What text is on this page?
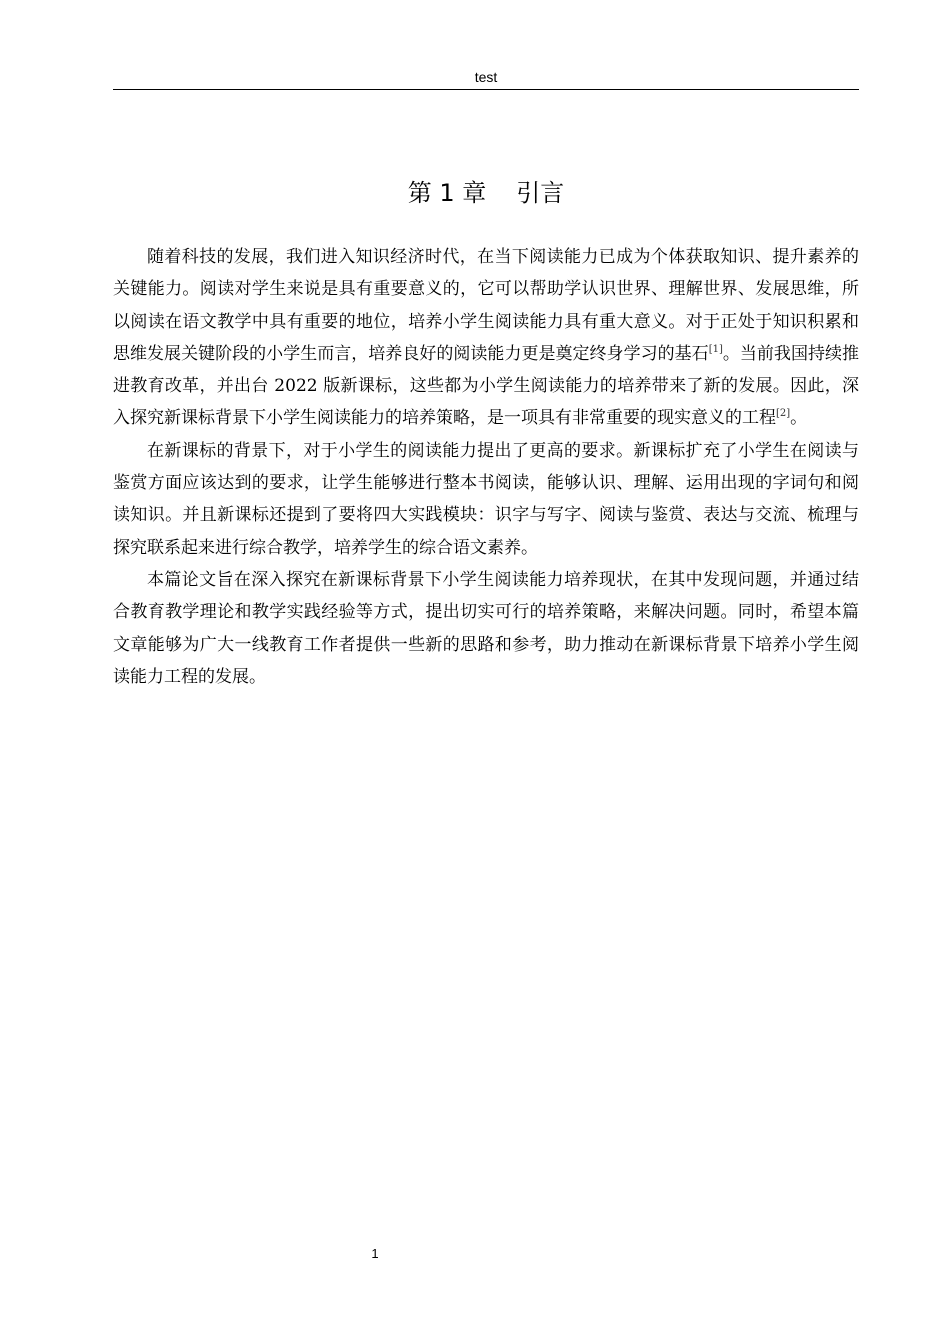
test
第 1 章 引言

随着科技的发展，我们进入知识经济时代，在当下阅读能力已成为个体获取知识、提升素养的关键能力。阅读对学生来说是具有重要意义的，它可以帮助学认识世界、理解世界、发展思维，所以阅读在语文教学中具有重要的地位，培养小学生阅读能力具有重大意义。对于正处于知识积累和思维发展关键阶段的小学生而言，培养良好的阅读能力更是奠定终身学习的基石[1]。当前我国持续推进教育改革，并出台 2022 版新课标，这些都为小学生阅读能力的培养带来了新的发展。因此，深入探究新课标背景下小学生阅读能力的培养策略，是一项具有非常重要的现实意义的工程[2]。

在新课标的背景下，对于小学生的阅读能力提出了更高的要求。新课标扩充了小学生在阅读与鉴赏方面应该达到的要求，让学生能够进行整本书阅读，能够认识、理解、运用出现的字词句和阅读知识。并且新课标还提到了要将四大实践模块：识字与写字、阅读与鉴赏、表达与交流、梳理与探究联系起来进行综合教学，培养学生的综合语文素养。

本篇论文旨在深入探究在新课标背景下小学生阅读能力培养现状，在其中发现问题，并通过结合教育教学理论和教学实践经验等方式，提出切实可行的培养策略，来解决问题。同时，希望本篇文章能够为广大一线教育工作者提供一些新的思路和参考，助力推动在新课标背景下培养小学生阅读能力工程的发展。

1
